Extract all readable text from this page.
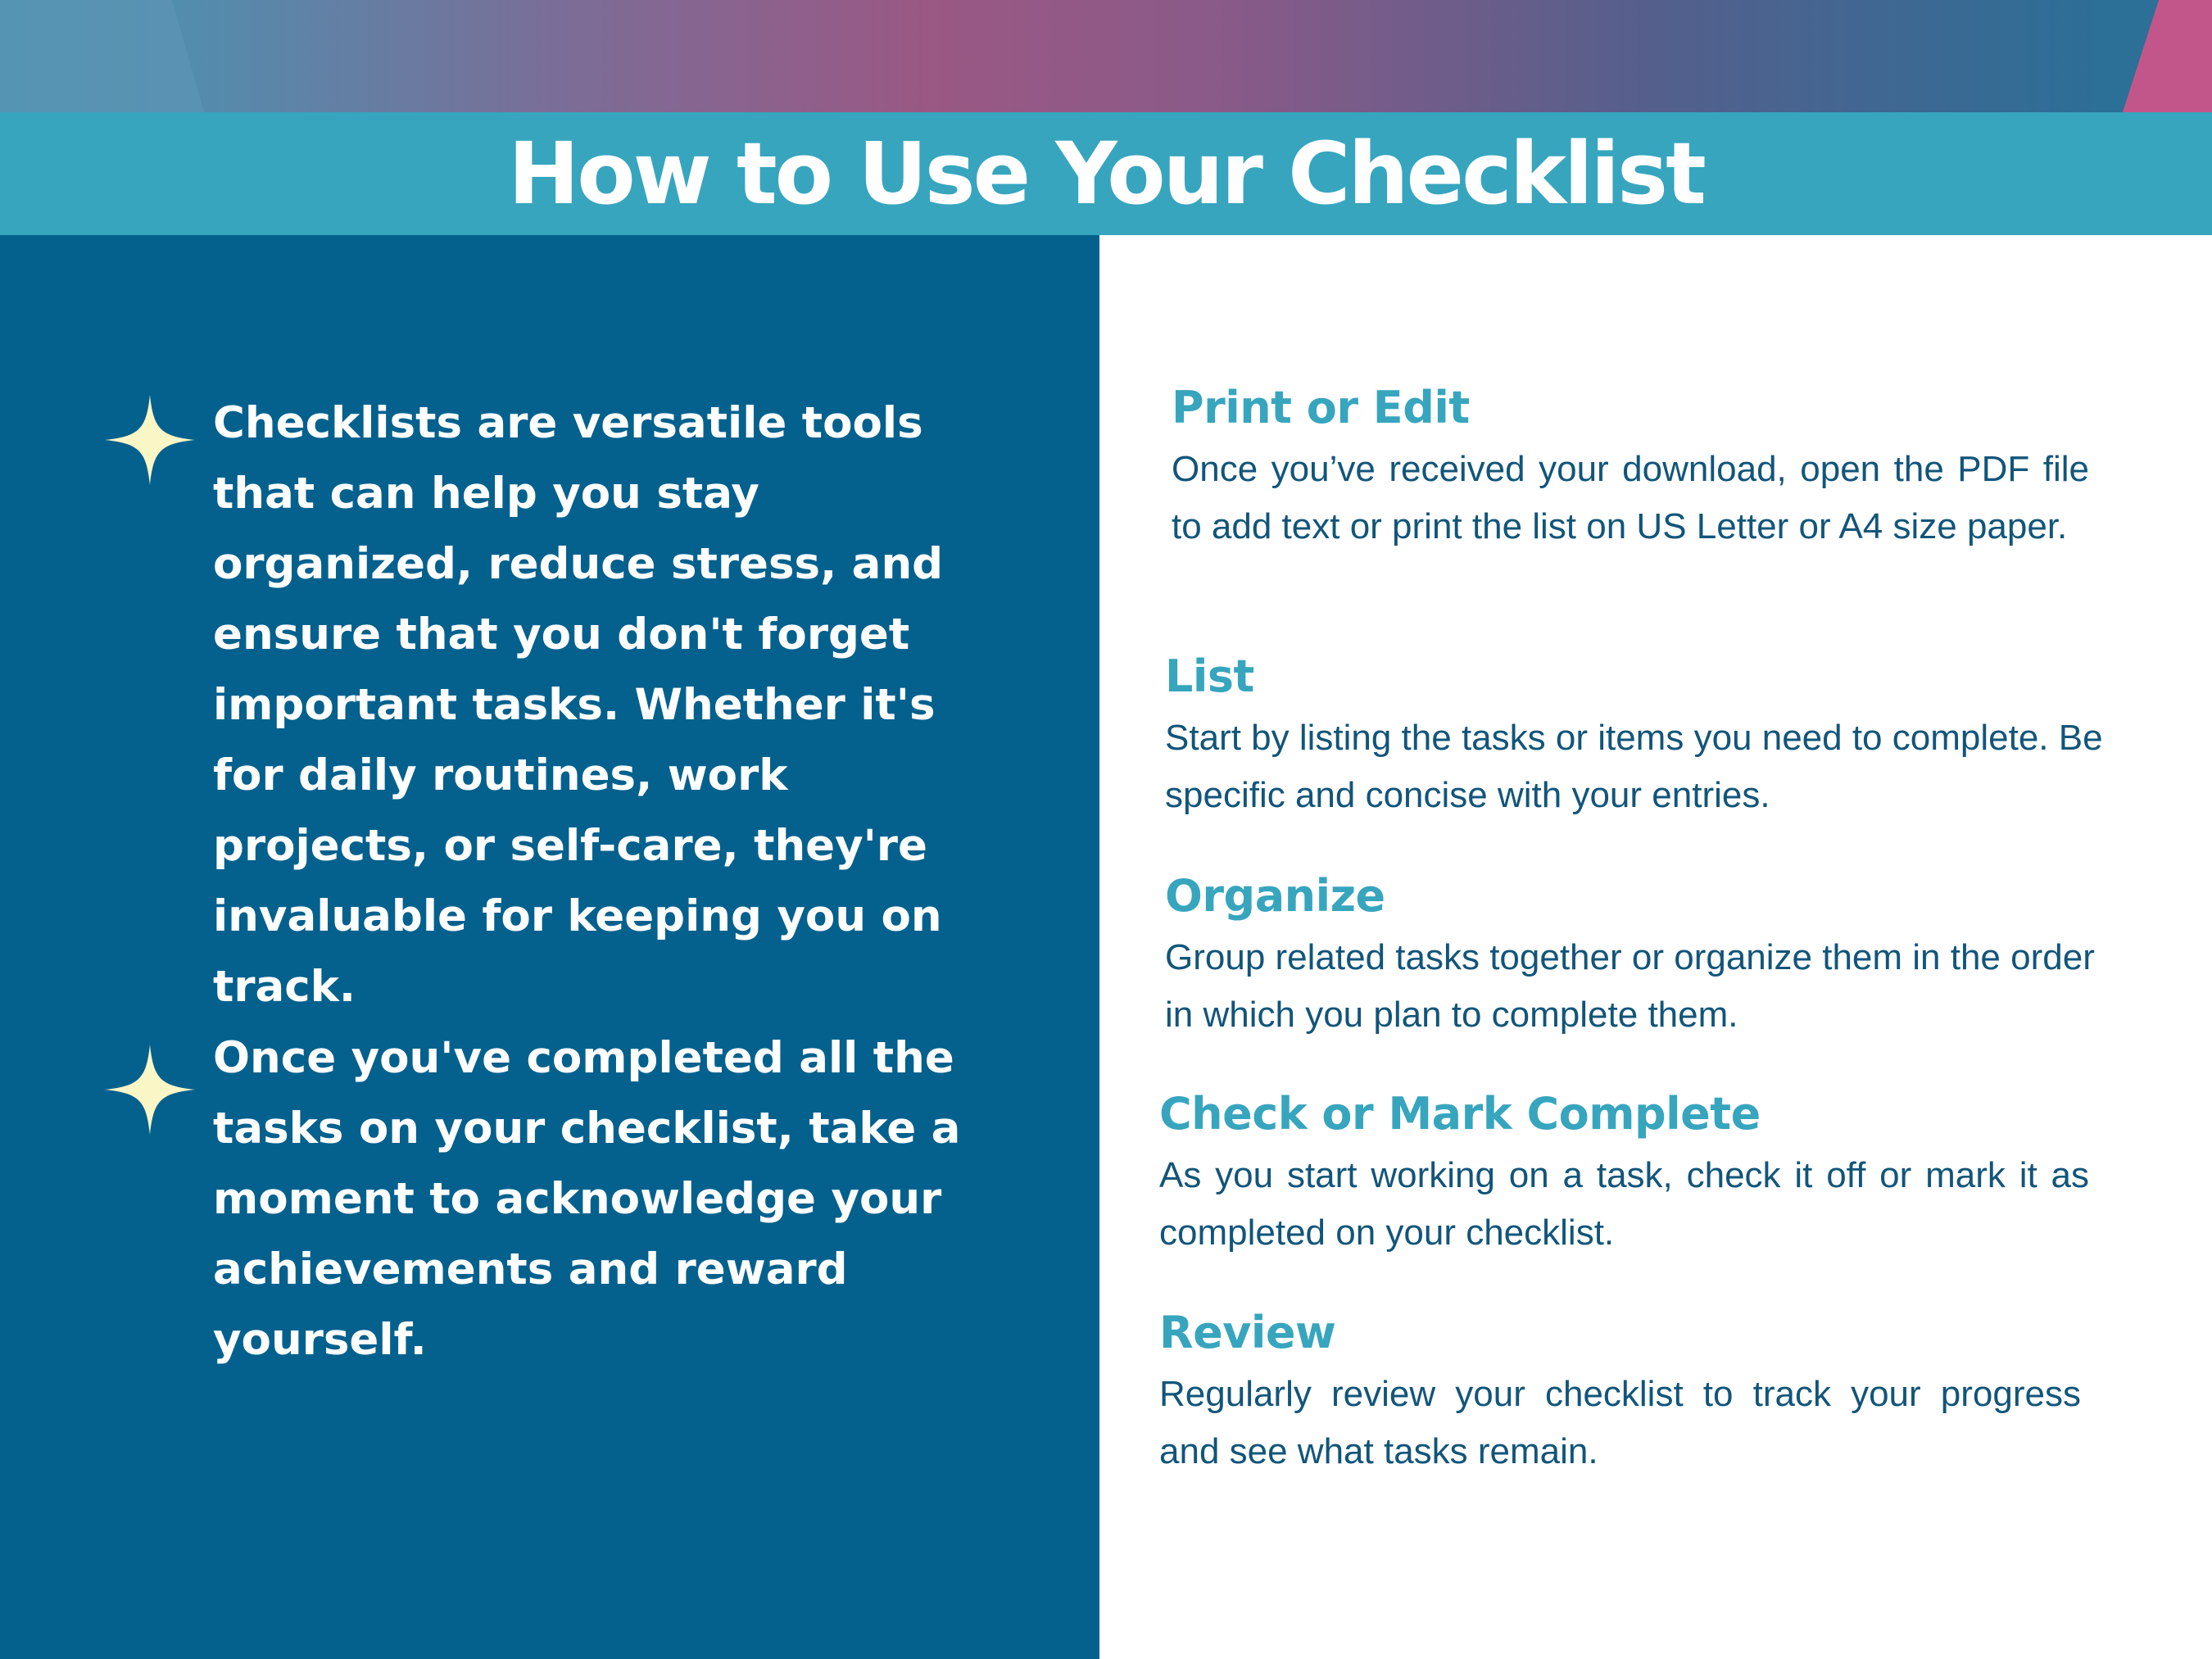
How to Use Your Checklist

Checklists are versatile tools that can help you stay organized, reduce stress, and ensure that you don't forget important tasks. Whether it's for daily routines, work projects, or self-care, they're invaluable for keeping you on track.

Once you've completed all the tasks on your checklist, take a moment to acknowledge your achievements and reward yourself.

Print or Edit

Once you’ve received your download, open the PDF file to add text or print the list on US Letter or A4 size paper.

List

Start by listing the tasks or items you need to complete. Be specific and concise with your entries.

Organize

Group related tasks together or organize them in the order in which you plan to complete them.

Check or Mark Complete

As you start working on a task, check it off or mark it as completed on your checklist.

Review

Regularly review your checklist to track your progress and see what tasks remain.
